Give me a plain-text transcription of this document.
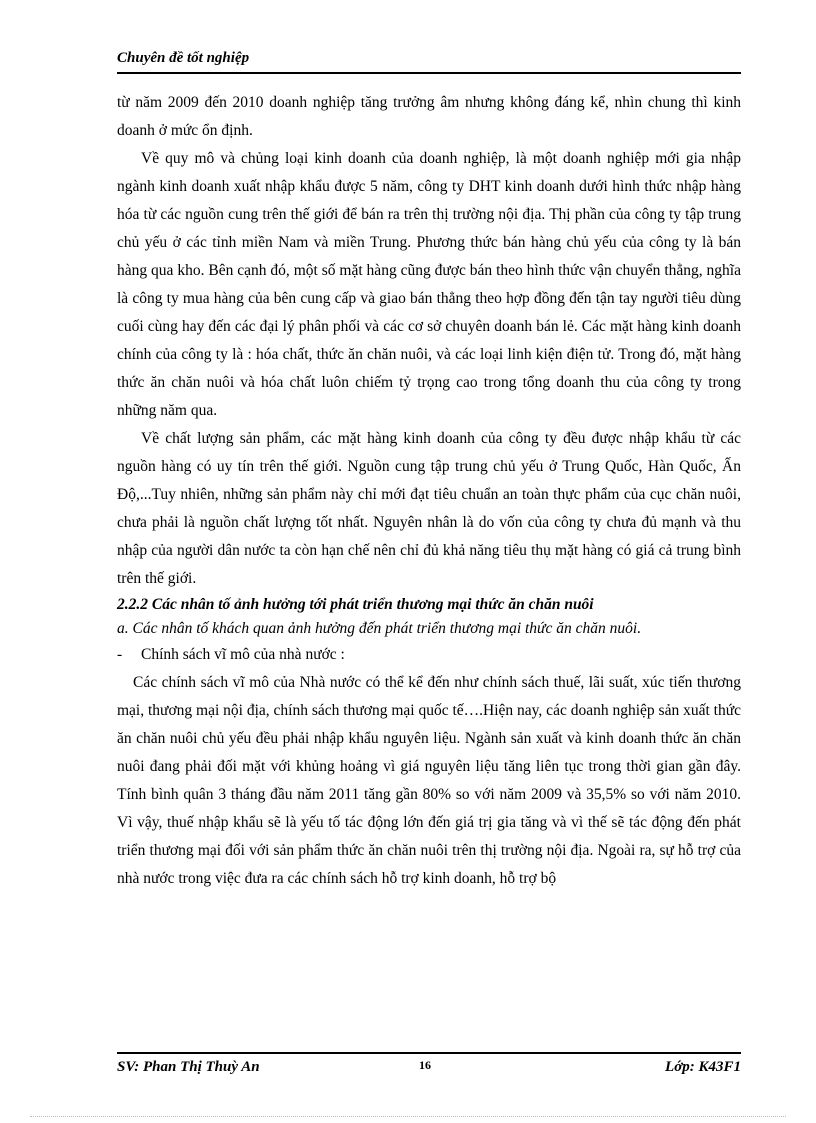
Chuyên đề tốt nghiệp

từ năm 2009 đến 2010 doanh nghiệp tăng trưởng âm nhưng không đáng kể, nhìn chung thì kinh doanh ở mức ổn định.

Về quy mô và chủng loại kinh doanh của doanh nghiệp, là một doanh nghiệp mới gia nhập ngành kinh doanh xuất nhập khẩu được 5 năm, công ty DHT kinh doanh dưới hình thức nhập hàng hóa từ các nguồn cung trên thế giới để bán ra trên thị trường nội địa. Thị phần của công ty tập trung chủ yếu ở các tỉnh miền Nam và miền Trung. Phương thức bán hàng chủ yếu của công ty là bán hàng qua kho. Bên cạnh đó, một số mặt hàng cũng được bán theo hình thức vận chuyển thẳng, nghĩa là công ty mua hàng của bên cung cấp và giao bán thẳng theo hợp đồng đến tận tay người tiêu dùng cuối cùng hay đến các đại lý phân phối và các cơ sở chuyên doanh bán lẻ. Các mặt hàng kinh doanh chính của công ty là : hóa chất, thức ăn chăn nuôi, và các loại linh kiện điện tử. Trong đó, mặt hàng thức ăn chăn nuôi và hóa chất luôn chiếm tỷ trọng cao trong tổng doanh thu của công ty trong những năm qua.

Về chất lượng sản phẩm, các mặt hàng kinh doanh của công ty đều được nhập khẩu từ các nguồn hàng có uy tín trên thế giới. Nguồn cung tập trung chủ yếu ở Trung Quốc, Hàn Quốc, Ấn Độ,...Tuy nhiên, những sản phẩm này chỉ mới đạt tiêu chuẩn an toàn thực phẩm của cục chăn nuôi, chưa phải là nguồn chất lượng tốt nhất. Nguyên nhân là do vốn của công ty chưa đủ mạnh và thu nhập của người dân nước ta còn hạn chế nên chỉ đủ khả năng tiêu thụ mặt hàng có giá cả trung bình trên thế giới.

2.2.2 Các nhân tố ảnh hưởng tới phát triển thương mại thức ăn chăn nuôi

a. Các nhân tố khách quan ảnh hưởng đến phát triển thương mại thức ăn chăn nuôi.

- Chính sách vĩ mô của nhà nước :

Các chính sách vĩ mô của Nhà nước có thể kể đến như chính sách thuế, lãi suất, xúc tiến thương mại, thương mại nội địa, chính sách thương mại quốc tế….Hiện nay, các doanh nghiệp sản xuất thức ăn chăn nuôi chủ yếu đều phải nhập khẩu nguyên liệu. Ngành sản xuất và kinh doanh thức ăn chăn nuôi đang phải đối mặt với khủng hoảng vì giá nguyên liệu tăng liên tục trong thời gian gần đây. Tính bình quân 3 tháng đầu năm 2011 tăng gần 80% so với năm 2009 và 35,5% so với năm 2010. Vì vậy, thuế nhập khẩu sẽ là yếu tố tác động lớn đến giá trị gia tăng và vì thế sẽ tác động đến phát triển thương mại đối với sản phẩm thức ăn chăn nuôi trên thị trường nội địa. Ngoài ra, sự hỗ trợ của nhà nước trong việc đưa ra các chính sách hỗ trợ kinh doanh, hỗ trợ bộ

SV: Phan Thị Thuỳ An	16	Lớp: K43F1
